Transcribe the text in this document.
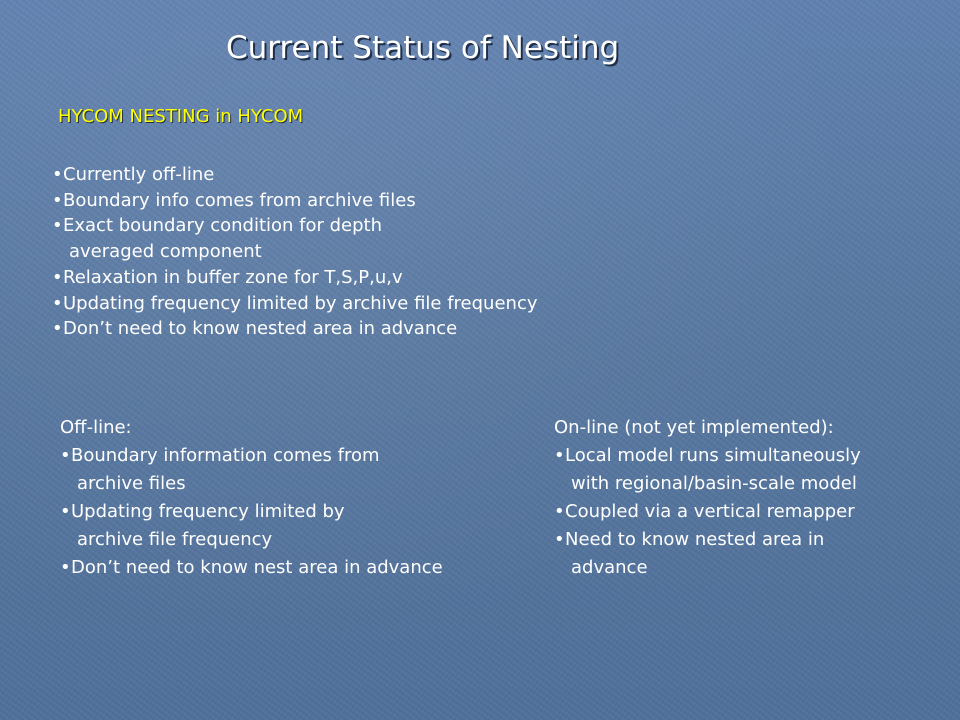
Current Status of Nesting
HYCOM NESTING in HYCOM
•Currently off-line
•Boundary info comes from archive files
•Exact boundary condition for depth
averaged component
•Relaxation in buffer zone for T,S,P,u,v
•Updating frequency limited by archive file frequency
•Don’t need to know nested area in advance
Off-line:
•Boundary information comes from
archive files
•Updating frequency limited by
archive file frequency
•Don’t need to know nest area in advance
On-line (not yet implemented):
•Local model runs simultaneously
with regional/basin-scale model
•Coupled via a vertical remapper
•Need to know nested area in
advance
